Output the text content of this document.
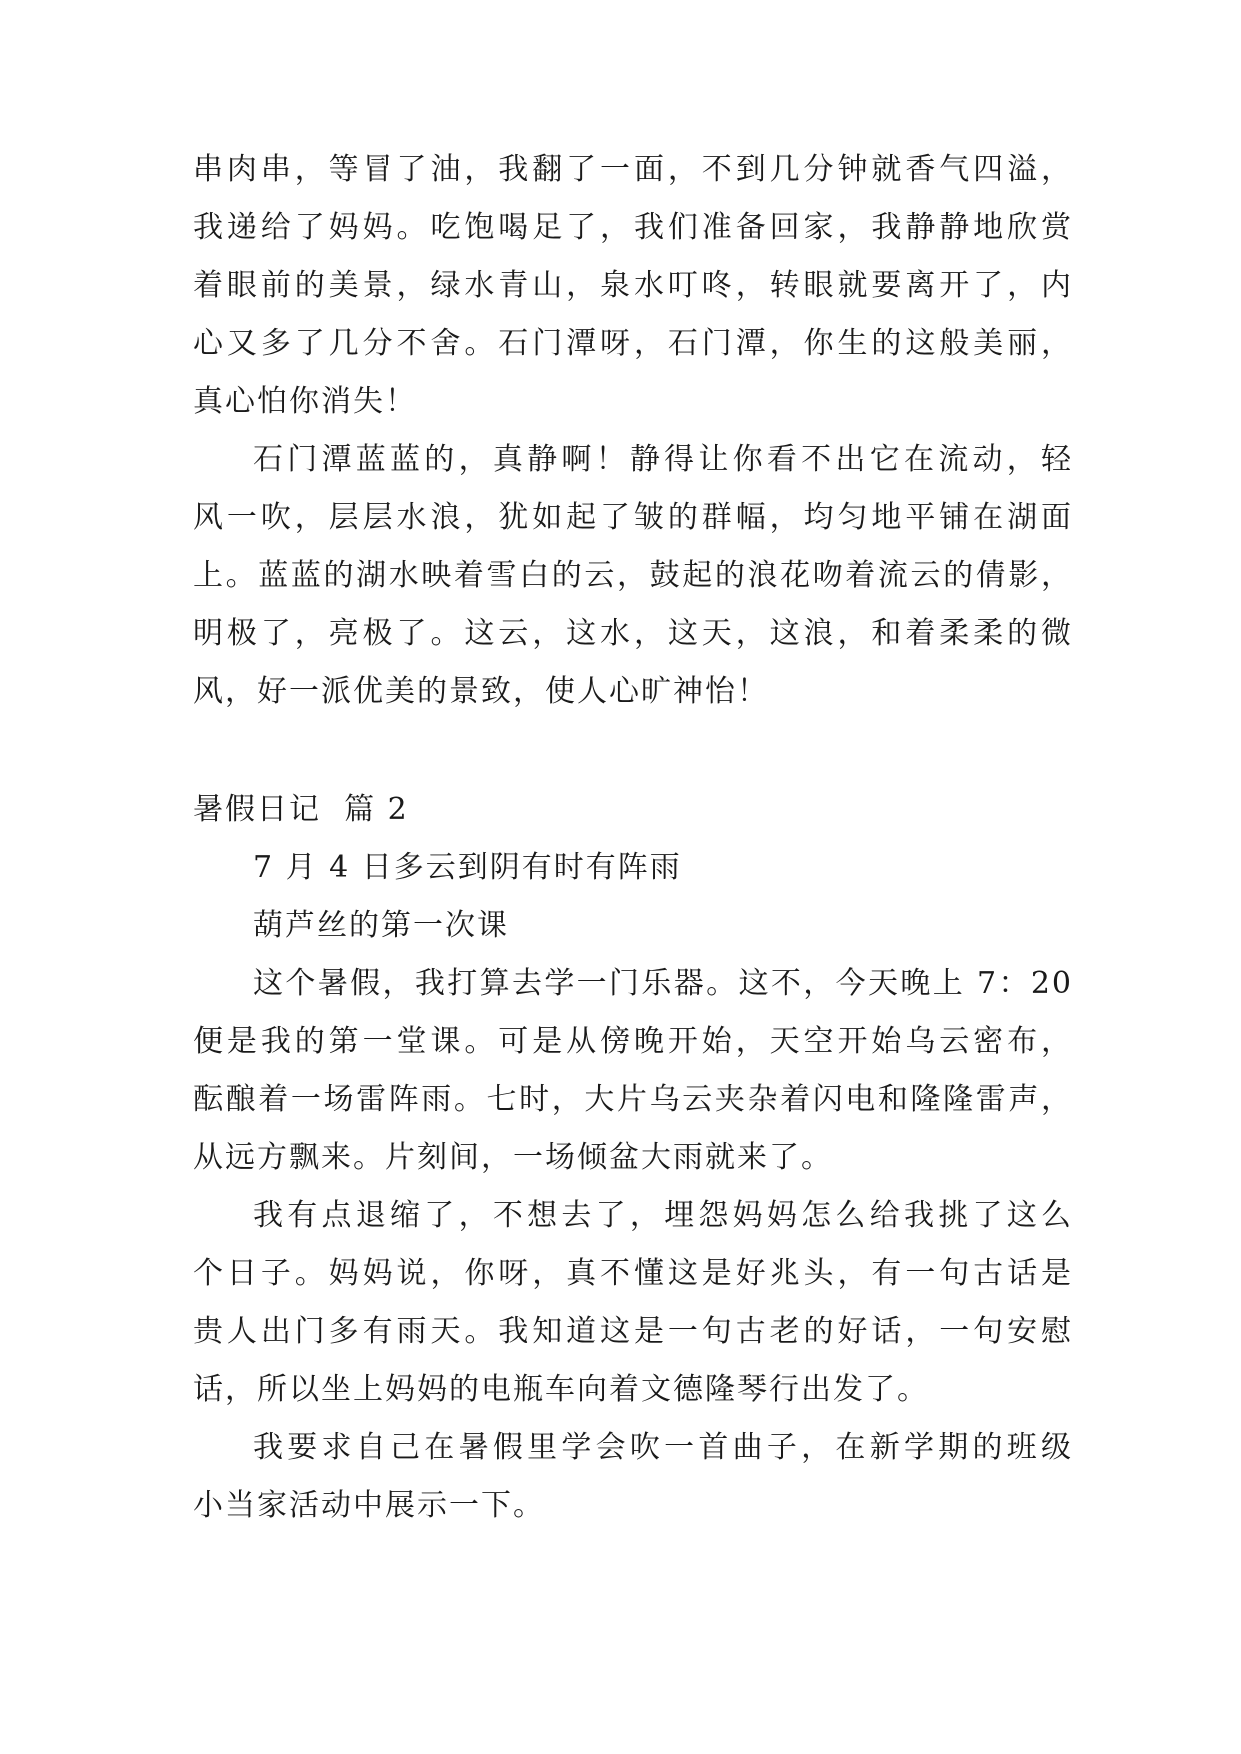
串肉串，等冒了油，我翻了一面，不到几分钟就香气四溢，
我递给了妈妈。吃饱喝足了，我们准备回家，我静静地欣赏
着眼前的美景，绿水青山，泉水叮咚，转眼就要离开了，内
心又多了几分不舍。石门潭呀，石门潭，你生的这般美丽，
真心怕你消失！
石门潭蓝蓝的，真静啊！静得让你看不出它在流动，轻
风一吹，层层水浪，犹如起了皱的群幅，均匀地平铺在湖面
上。蓝蓝的湖水映着雪白的云，鼓起的浪花吻着流云的倩影，
明极了，亮极了。这云，这水，这天，这浪，和着柔柔的微
风，好一派优美的景致，使人心旷神怡！
暑假日记  篇 2
7 月 4 日多云到阴有时有阵雨
葫芦丝的第一次课
这个暑假，我打算去学一门乐器。这不，今天晚上 7：20
便是我的第一堂课。可是从傍晚开始，天空开始乌云密布，
酝酿着一场雷阵雨。七时，大片乌云夹杂着闪电和隆隆雷声，
从远方飘来。片刻间，一场倾盆大雨就来了。
我有点退缩了，不想去了，埋怨妈妈怎么给我挑了这么
个日子。妈妈说，你呀，真不懂这是好兆头，有一句古话是
贵人出门多有雨天。我知道这是一句古老的好话，一句安慰
话，所以坐上妈妈的电瓶车向着文德隆琴行出发了。
我要求自己在暑假里学会吹一首曲子，在新学期的班级
小当家活动中展示一下。
